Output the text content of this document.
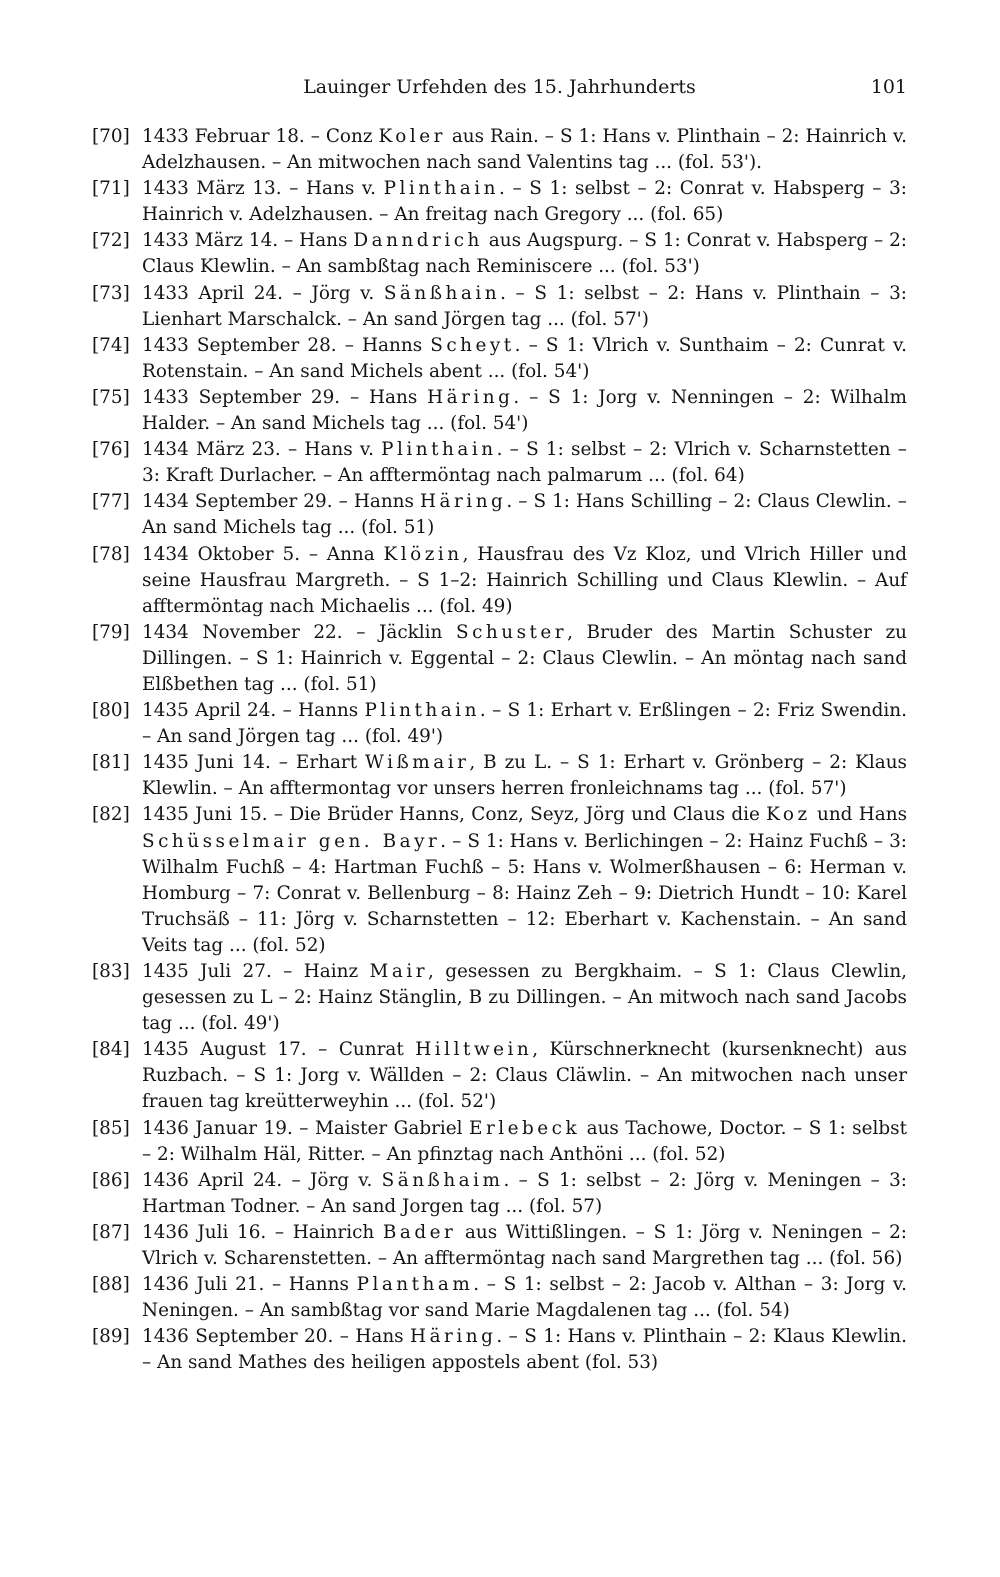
Lauinger Urfehden des 15. Jahrhunderts	101

[70] 1433 Februar 18. – Conz Koler aus Rain. – S 1: Hans v. Plinthain – 2: Hainrich v. Adelzhausen. – An mitwochen nach sand Valentins tag ... (fol. 53').

[71] 1433 März 13. – Hans v. Plinthain. – S 1: selbst – 2: Conrat v. Habsperg – 3: Hainrich v. Adelzhausen. – An freitag nach Gregory ... (fol. 65)

[72] 1433 März 14. – Hans Danndrich aus Augspurg. – S 1: Conrat v. Habsperg – 2: Claus Klewlin. – An sambßtag nach Reminiscere ... (fol. 53')

[73] 1433 April 24. – Jörg v. Sänßhain. – S 1: selbst – 2: Hans v. Plinthain – 3: Lienhart Marschalck. – An sand Jörgen tag ... (fol. 57')

[74] 1433 September 28. – Hanns Scheyt. – S 1: Vlrich v. Sunthaim – 2: Cunrat v. Rotenstain. – An sand Michels abent ... (fol. 54')

[75] 1433 September 29. – Hans Häring. – S 1: Jorg v. Nenningen – 2: Wilhalm Halder. – An sand Michels tag ... (fol. 54')

[76] 1434 März 23. – Hans v. Plinthain. – S 1: selbst – 2: Vlrich v. Scharnstetten – 3: Kraft Durlacher. – An afftermöntag nach palmarum ... (fol. 64)

[77] 1434 September 29. – Hanns Häring. – S 1: Hans Schilling – 2: Claus Clewlin. – An sand Michels tag ... (fol. 51)

[78] 1434 Oktober 5. – Anna Klözin, Hausfrau des Vz Kloz, und Vlrich Hiller und seine Hausfrau Margreth. – S 1–2: Hainrich Schilling und Claus Klewlin. – Auf afftermöntag nach Michaelis ... (fol. 49)

[79] 1434 November 22. – Jäcklin Schuster, Bruder des Martin Schuster zu Dillingen. – S 1: Hainrich v. Eggental – 2: Claus Clewlin. – An möntag nach sand Elßbethen tag ... (fol. 51)

[80] 1435 April 24. – Hanns Plinthain. – S 1: Erhart v. Erßlingen – 2: Friz Swendin. – An sand Jörgen tag ... (fol. 49')

[81] 1435 Juni 14. – Erhart Wißmair, B zu L. – S 1: Erhart v. Grönberg – 2: Klaus Klewlin. – An afftermontag vor unsers herren fronleichnams tag ... (fol. 57')

[82] 1435 Juni 15. – Die Brüder Hanns, Conz, Seyz, Jörg und Claus die Koz und Hans Schüsselmair gen. Bayr. – S 1: Hans v. Berlichingen – 2: Hainz Fuchß – 3: Wilhalm Fuchß – 4: Hartman Fuchß – 5: Hans v. Wolmerßhausen – 6: Herman v. Homburg – 7: Conrat v. Bellenburg – 8: Hainz Zeh – 9: Dietrich Hundt – 10: Karel Truchsäß – 11: Jörg v. Scharnstetten – 12: Eberhart v. Kachenstain. – An sand Veits tag ... (fol. 52)

[83] 1435 Juli 27. – Hainz Mair, gesessen zu Bergkhaim. – S 1: Claus Clewlin, gesessen zu L – 2: Hainz Stänglin, B zu Dillingen. – An mitwoch nach sand Jacobs tag ... (fol. 49')

[84] 1435 August 17. – Cunrat Hilltwein, Kürschnerknecht (kursenknecht) aus Ruzbach. – S 1: Jorg v. Wällden – 2: Claus Cläwlin. – An mitwochen nach unser frauen tag kreütterweyhin ... (fol. 52')

[85] 1436 Januar 19. – Maister Gabriel Erlebeck aus Tachowe, Doctor. – S 1: selbst – 2: Wilhalm Häl, Ritter. – An pfinztag nach Anthöni ... (fol. 52)

[86] 1436 April 24. – Jörg v. Sänßhaim. – S 1: selbst – 2: Jörg v. Meningen – 3: Hartman Todner. – An sand Jorgen tag ... (fol. 57)

[87] 1436 Juli 16. – Hainrich Bader aus Wittißlingen. – S 1: Jörg v. Neningen – 2: Vlrich v. Scharenstetten. – An afftermöntag nach sand Margrethen tag ... (fol. 56)

[88] 1436 Juli 21. – Hanns Plantham. – S 1: selbst – 2: Jacob v. Althan – 3: Jorg v. Neningen. – An sambßtag vor sand Marie Magdalenen tag ... (fol. 54)

[89] 1436 September 20. – Hans Häring. – S 1: Hans v. Plinthain – 2: Klaus Klewlin. – An sand Mathes des heiligen appostels abent (fol. 53)
